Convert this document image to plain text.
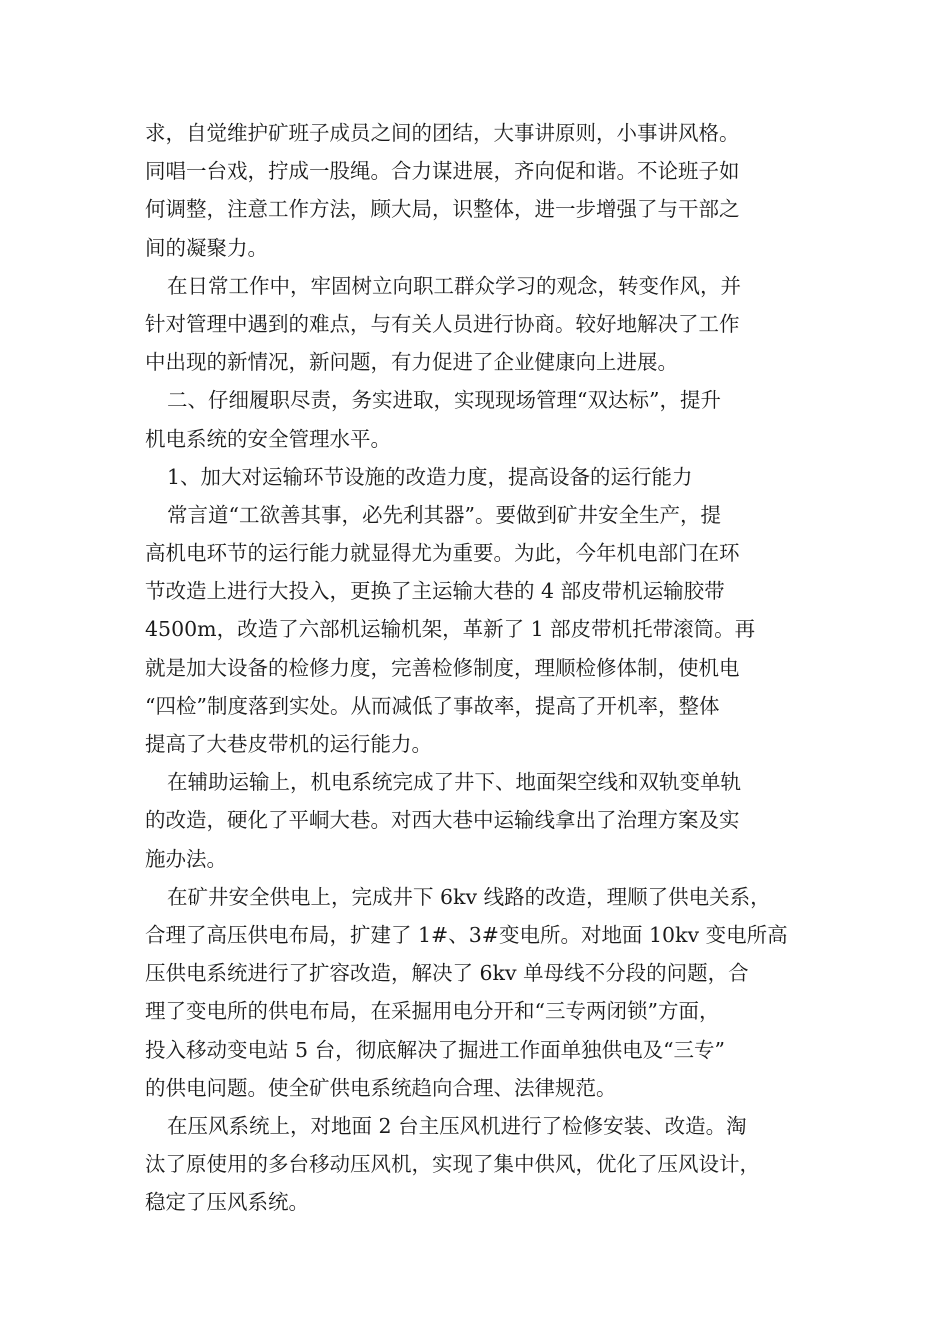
求，自觉维护矿班子成员之间的团结，大事讲原则，小事讲风格。
同唱一台戏，拧成一股绳。合力谋进展，齐向促和谐。不论班子如
何调整，注意工作方法，顾大局，识整体，进一步增强了与干部之
间的凝聚力。
在日常工作中，牢固树立向职工群众学习的观念，转变作风，并
针对管理中遇到的难点，与有关人员进行协商。较好地解决了工作
中出现的新情况，新问题，有力促进了企业健康向上进展。
二、仔细履职尽责，务实进取，实现现场管理“双达标”，提升
机电系统的安全管理水平。
1、加大对运输环节设施的改造力度，提高设备的运行能力
常言道“工欲善其事，必先利其器”。要做到矿井安全生产，提
高机电环节的运行能力就显得尤为重要。为此，今年机电部门在环
节改造上进行大投入，更换了主运输大巷的 4 部皮带机运输胶带
4500m，改造了六部机运输机架，革新了 1 部皮带机托带滚筒。再
就是加大设备的检修力度，完善检修制度，理顺检修体制，使机电
“四检”制度落到实处。从而减低了事故率，提高了开机率，整体
提高了大巷皮带机的运行能力。
在辅助运输上，机电系统完成了井下、地面架空线和双轨变单轨
的改造，硬化了平峒大巷。对西大巷中运输线拿出了治理方案及实
施办法。
在矿井安全供电上，完成井下 6kv 线路的改造，理顺了供电关系，
合理了高压供电布局，扩建了 1#、3#变电所。对地面 10kv 变电所高
压供电系统进行了扩容改造，解决了 6kv 单母线不分段的问题，合
理了变电所的供电布局，在采掘用电分开和“三专两闭锁”方面，
投入移动变电站 5 台，彻底解决了掘进工作面单独供电及“三专”
的供电问题。使全矿供电系统趋向合理、法律规范。
在压风系统上，对地面 2 台主压风机进行了检修安装、改造。淘
汰了原使用的多台移动压风机，实现了集中供风，优化了压风设计，
稳定了压风系统。
